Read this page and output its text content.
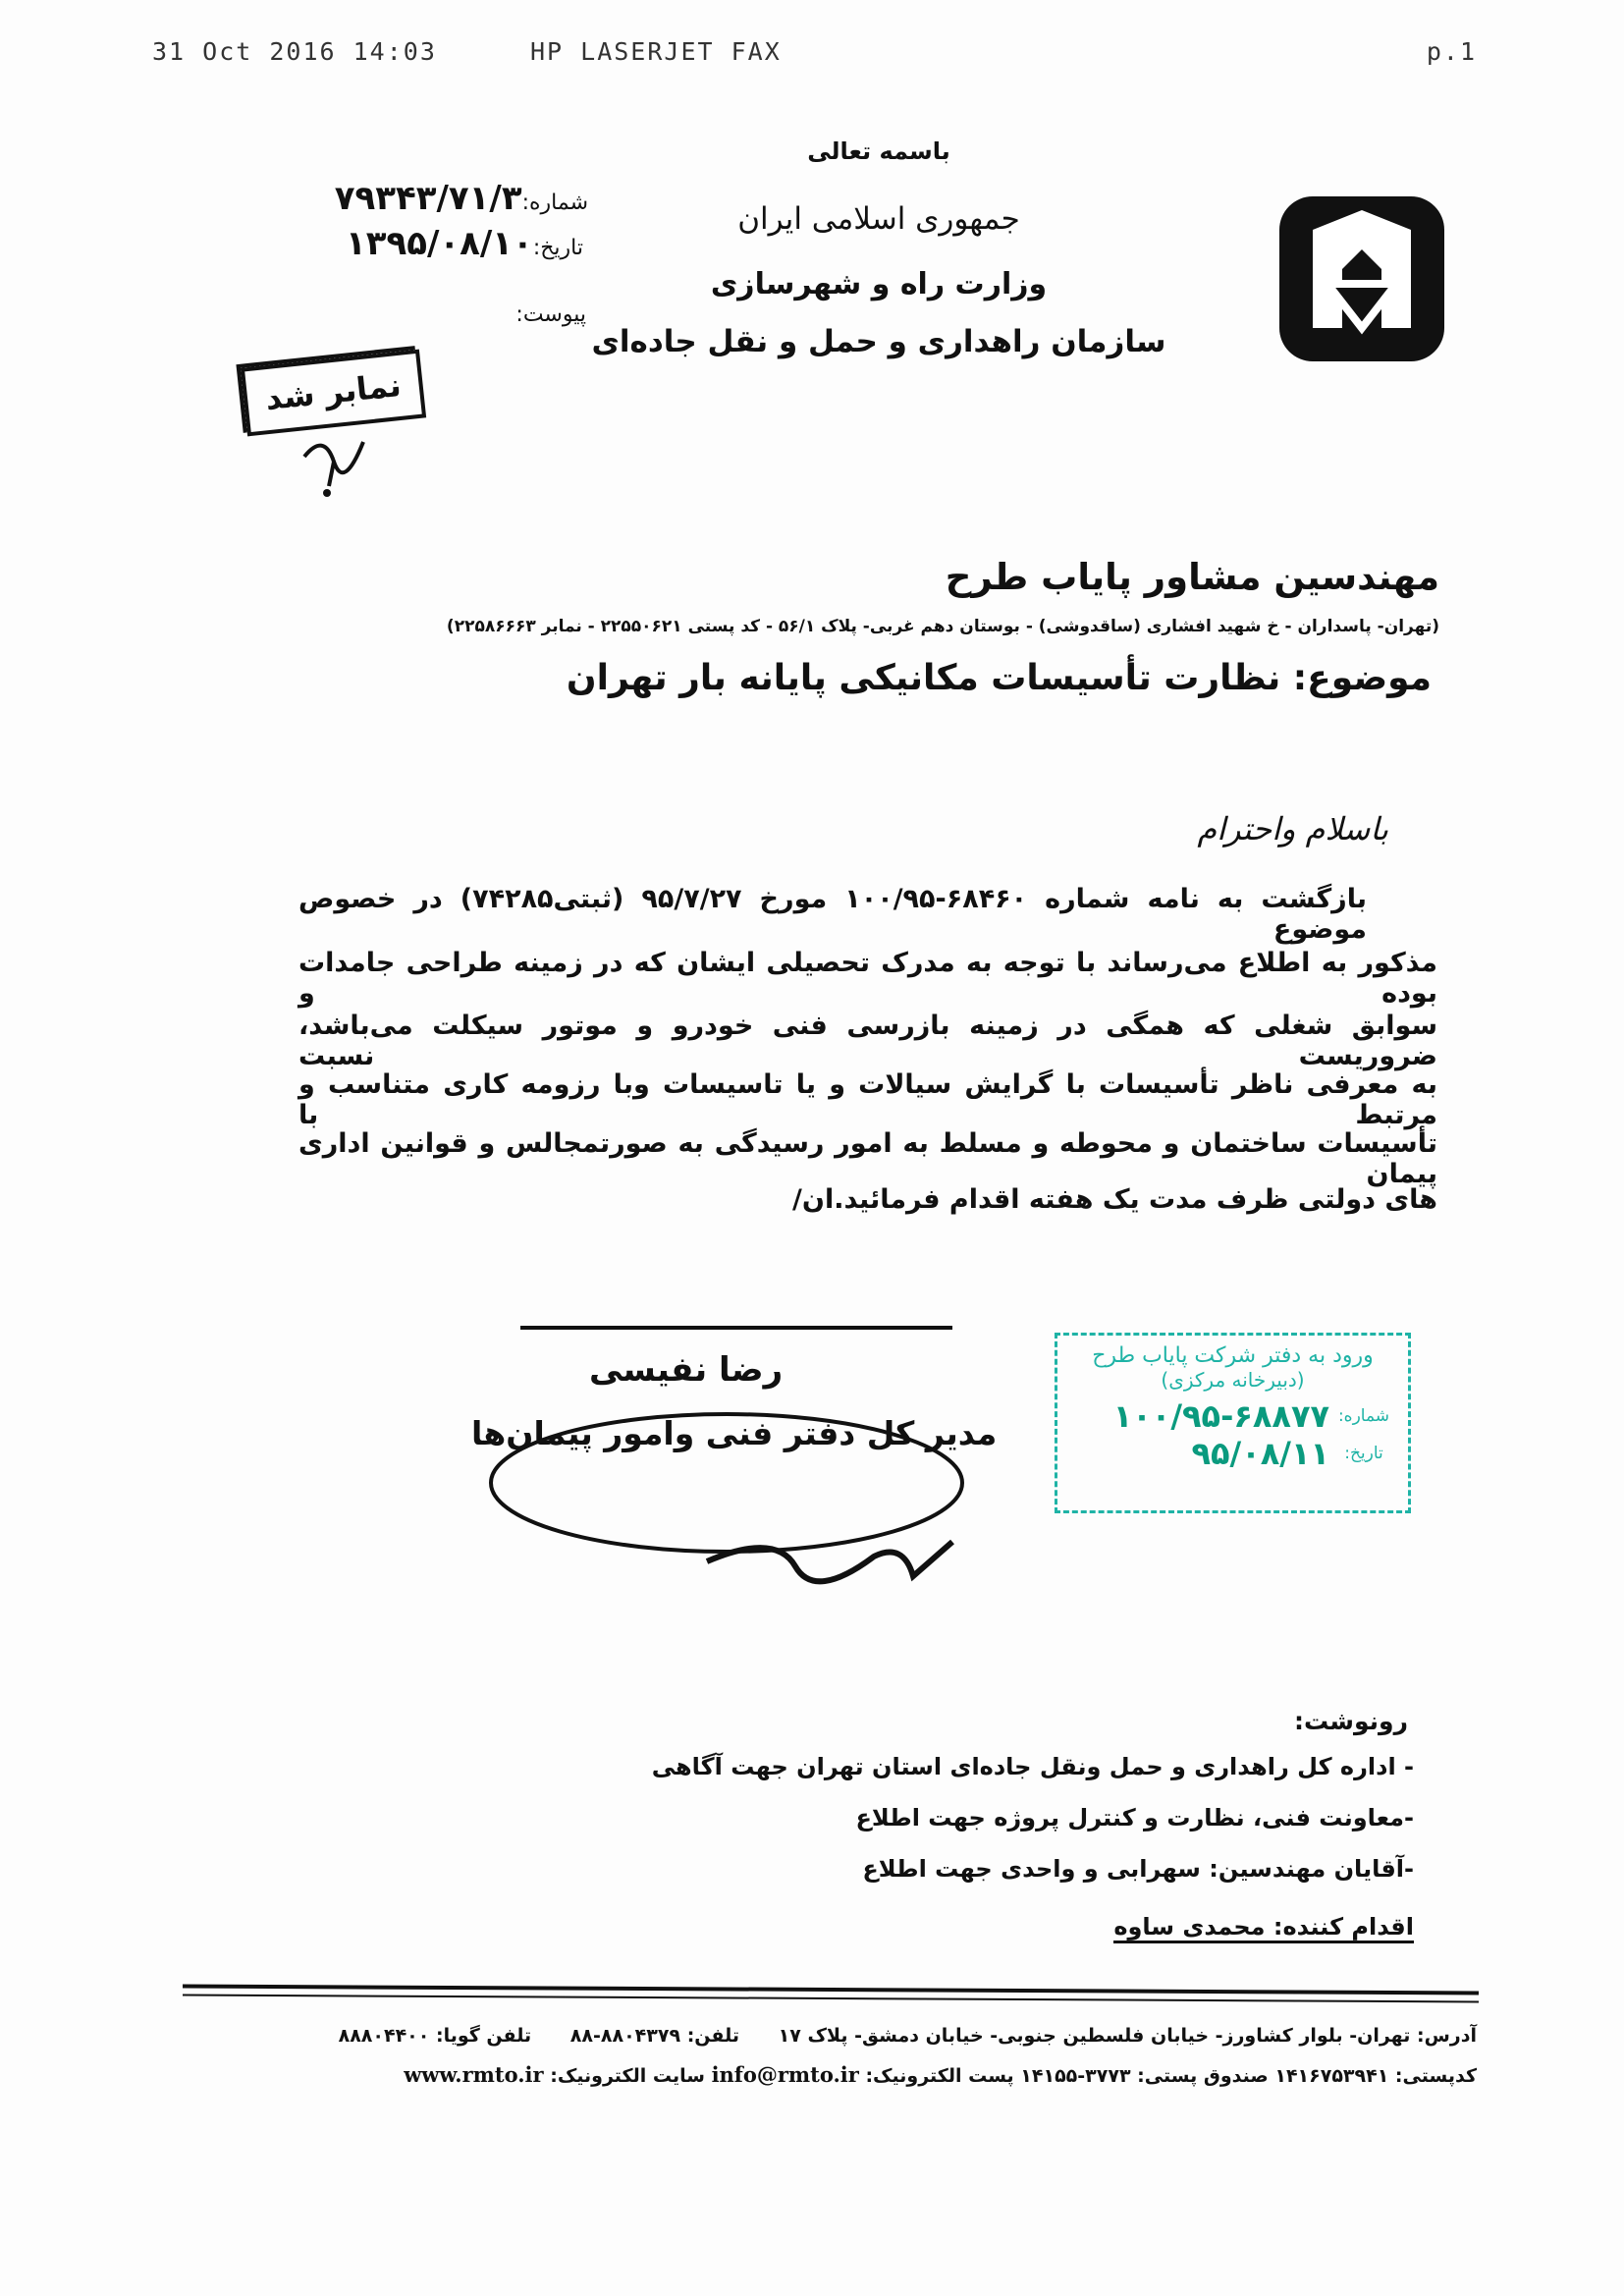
31 Oct 2016 14:03	HP LASERJET FAX	p.1
باسمه تعالی
جمهوری اسلامی ایران
وزارت راه و شهرسازی
سازمان راهداری و حمل و نقل جاده‌ای
شماره:۷۹۳۴۳/۷۱/۳
تاریخ:۱۳۹۵/۰۸/۱۰
پیوست:
نمابر شد
مهندسین مشاور پایاب طرح
(تهران- پاسداران - خ شهید افشاری (ساقدوشی) - بوستان دهم غربی- پلاک ۵۶/۱ - کد پستی ۲۲۵۵۰۶۲۱ - نمابر ۲۲۵۸۶۶۶۳)
موضوع: نظارت تأسیسات مکانیکی پایانه بار تهران
باسلام واحترام
بازگشت به نامه شماره ۶۸۴۶۰-۱۰۰/۹۵ مورخ ۹۵/۷/۲۷ (ثبتی۷۴۲۸۵) در خصوص موضوع
مذکور به اطلاع می‌رساند با توجه به مدرک تحصیلی ایشان که در زمینه طراحی جامدات بوده و
سوابق شغلی که همگی در زمینه بازرسی فنی خودرو و موتور سیکلت می‌باشد، ضروریست نسبت
به معرفی ناظر تأسیسات با گرایش سیالات و یا تاسیسات وبا رزومه کاری متناسب و مرتبط با
تأسیسات ساختمان و محوطه و مسلط به امور رسیدگی به صورتمجالس و قوانین اداری پیمان
های دولتی ظرف مدت یک هفته اقدام فرمائید.ان/
رضا نفیسی
مدیر کل دفتر فنی وامور پیمان‌ها
ورود به دفتر شرکت پایاب طرح
(دبیرخانه مرکزی)
شماره:
۱۰۰/۹۵-۶۸۸۷۷
تاریخ:
۹۵/۰۸/۱۱
رونوشت:
- اداره کل راهداری و حمل ونقل جاده‌ای استان تهران جهت آگاهی
-معاونت فنی، نظارت و کنترل پروژه جهت اطلاع
-آقایان مهندسین: سهرابی و واحدی جهت اطلاع
اقدام کننده: محمدی ساوه
آدرس: تهران- بلوار کشاورز- خیابان فلسطین جنوبی- خیابان دمشق- پلاک ۱۷      تلفن: ۸۸۰۴۳۷۹-۸۸      تلفن گویا: ۸۸۸۰۴۴۰۰
کدپستی: ۱۴۱۶۷۵۳۹۴۱ صندوق پستی: ۳۷۷۳-۱۴۱۵۵ پست الکترونیک: info@rmto.ir سایت الکترونیک: www.rmto.ir
